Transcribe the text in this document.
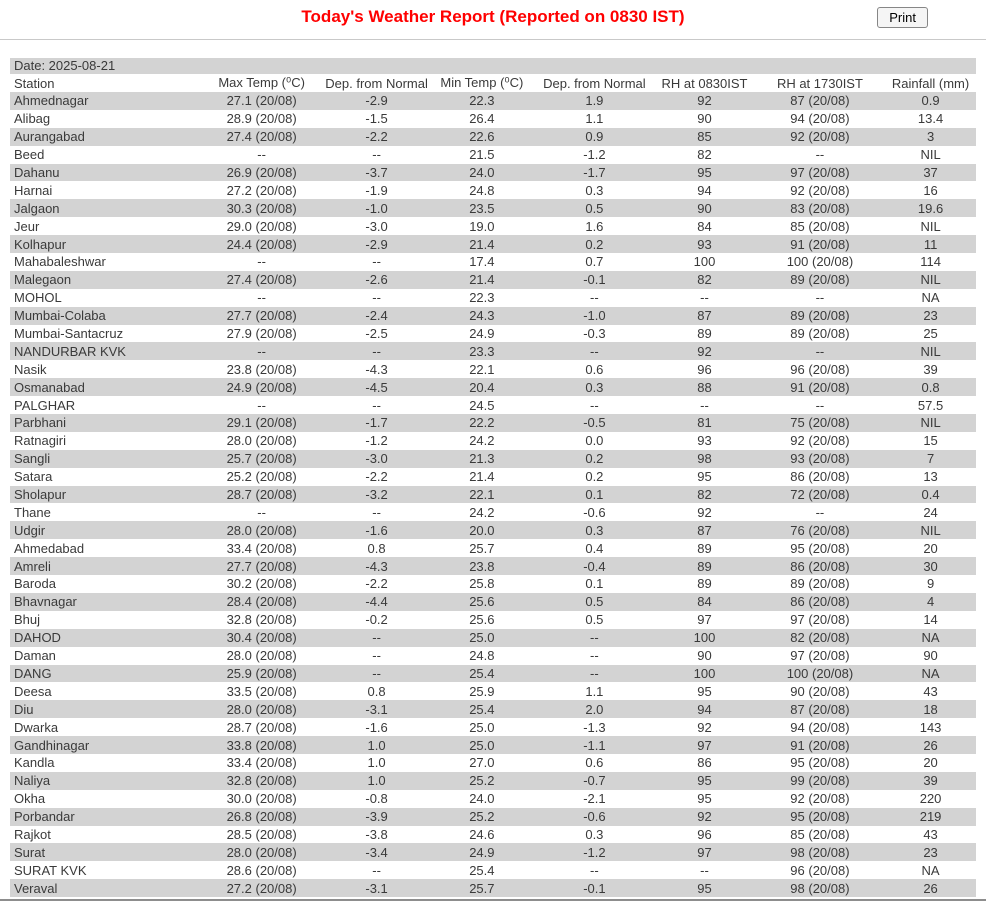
Today's Weather Report (Reported on 0830 IST)	Print
Date: 2025-08-21
Station	Max Temp (⁰C)	Dep. from Normal	Min Temp (⁰C)	Dep. from Normal	RH at 0830IST	RH at 1730IST	Rainfall (mm)
Ahmednagar	27.1 (20/08)	-2.9	22.3	1.9	92	87 (20/08)	0.9
Alibag	28.9 (20/08)	-1.5	26.4	1.1	90	94 (20/08)	13.4
Aurangabad	27.4 (20/08)	-2.2	22.6	0.9	85	92 (20/08)	3
Beed	--	--	21.5	-1.2	82	--	NIL
Dahanu	26.9 (20/08)	-3.7	24.0	-1.7	95	97 (20/08)	37
Harnai	27.2 (20/08)	-1.9	24.8	0.3	94	92 (20/08)	16
Jalgaon	30.3 (20/08)	-1.0	23.5	0.5	90	83 (20/08)	19.6
Jeur	29.0 (20/08)	-3.0	19.0	1.6	84	85 (20/08)	NIL
Kolhapur	24.4 (20/08)	-2.9	21.4	0.2	93	91 (20/08)	11
Mahabaleshwar	--	--	17.4	0.7	100	100 (20/08)	114
Malegaon	27.4 (20/08)	-2.6	21.4	-0.1	82	89 (20/08)	NIL
MOHOL	--	--	22.3	--	--	--	NA
Mumbai-Colaba	27.7 (20/08)	-2.4	24.3	-1.0	87	89 (20/08)	23
Mumbai-Santacruz	27.9 (20/08)	-2.5	24.9	-0.3	89	89 (20/08)	25
NANDURBAR KVK	--	--	23.3	--	92	--	NIL
Nasik	23.8 (20/08)	-4.3	22.1	0.6	96	96 (20/08)	39
Osmanabad	24.9 (20/08)	-4.5	20.4	0.3	88	91 (20/08)	0.8
PALGHAR	--	--	24.5	--	--	--	57.5
Parbhani	29.1 (20/08)	-1.7	22.2	-0.5	81	75 (20/08)	NIL
Ratnagiri	28.0 (20/08)	-1.2	24.2	0.0	93	92 (20/08)	15
Sangli	25.7 (20/08)	-3.0	21.3	0.2	98	93 (20/08)	7
Satara	25.2 (20/08)	-2.2	21.4	0.2	95	86 (20/08)	13
Sholapur	28.7 (20/08)	-3.2	22.1	0.1	82	72 (20/08)	0.4
Thane	--	--	24.2	-0.6	92	--	24
Udgir	28.0 (20/08)	-1.6	20.0	0.3	87	76 (20/08)	NIL
Ahmedabad	33.4 (20/08)	0.8	25.7	0.4	89	95 (20/08)	20
Amreli	27.7 (20/08)	-4.3	23.8	-0.4	89	86 (20/08)	30
Baroda	30.2 (20/08)	-2.2	25.8	0.1	89	89 (20/08)	9
Bhavnagar	28.4 (20/08)	-4.4	25.6	0.5	84	86 (20/08)	4
Bhuj	32.8 (20/08)	-0.2	25.6	0.5	97	97 (20/08)	14
DAHOD	30.4 (20/08)	--	25.0	--	100	82 (20/08)	NA
Daman	28.0 (20/08)	--	24.8	--	90	97 (20/08)	90
DANG	25.9 (20/08)	--	25.4	--	100	100 (20/08)	NA
Deesa	33.5 (20/08)	0.8	25.9	1.1	95	90 (20/08)	43
Diu	28.0 (20/08)	-3.1	25.4	2.0	94	87 (20/08)	18
Dwarka	28.7 (20/08)	-1.6	25.0	-1.3	92	94 (20/08)	143
Gandhinagar	33.8 (20/08)	1.0	25.0	-1.1	97	91 (20/08)	26
Kandla	33.4 (20/08)	1.0	27.0	0.6	86	95 (20/08)	20
Naliya	32.8 (20/08)	1.0	25.2	-0.7	95	99 (20/08)	39
Okha	30.0 (20/08)	-0.8	24.0	-2.1	95	92 (20/08)	220
Porbandar	26.8 (20/08)	-3.9	25.2	-0.6	92	95 (20/08)	219
Rajkot	28.5 (20/08)	-3.8	24.6	0.3	96	85 (20/08)	43
Surat	28.0 (20/08)	-3.4	24.9	-1.2	97	98 (20/08)	23
SURAT KVK	28.6 (20/08)	--	25.4	--	--	96 (20/08)	NA
Veraval	27.2 (20/08)	-3.1	25.7	-0.1	95	98 (20/08)	26
